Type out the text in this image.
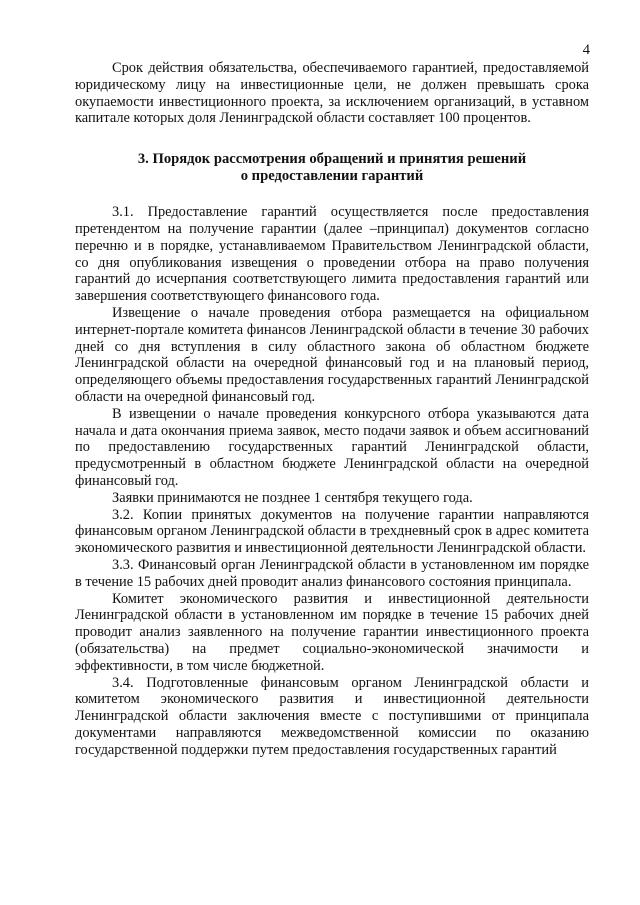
4

Срок действия обязательства, обеспечиваемого гарантией, предоставляемой юридическому лицу на инвестиционные цели, не должен превышать срока окупаемости инвестиционного проекта, за исключением организаций, в уставном капитале которых доля Ленинградской области составляет 100 процентов.

3. Порядок рассмотрения обращений и принятия решений

о предоставлении гарантий

3.1. Предоставление гарантий осуществляется после предоставления претендентом на получение гарантии (далее –принципал) документов согласно перечню и в порядке, устанавливаемом Правительством Ленинградской области, со дня опубликования извещения о проведении отбора на право получения гарантий до исчерпания соответствующего лимита предоставления гарантий или завершения соответствующего финансового года.

Извещение о начале проведения отбора размещается на официальном интернет-портале комитета финансов Ленинградской области в течение 30 рабочих дней со дня вступления в силу областного закона об областном бюджете Ленинградской области на очередной финансовый год и на плановый период, определяющего объемы предоставления государственных гарантий Ленинградской области на очередной финансовый год.

В извещении о начале проведения конкурсного отбора указываются дата начала и дата окончания приема заявок, место подачи заявок и объем ассигнований по предоставлению государственных гарантий Ленинградской области, предусмотренный в областном бюджете Ленинградской области на очередной финансовый год.

Заявки принимаются не позднее 1 сентября текущего года.

3.2. Копии принятых документов на получение гарантии направляются финансовым органом Ленинградской области в трехдневный срок в адрес комитета экономического развития и инвестиционной деятельности Ленинградской области.

3.3. Финансовый орган Ленинградской области в установленном им порядке в течение 15 рабочих дней проводит анализ финансового состояния принципала.

Комитет экономического развития и инвестиционной деятельности Ленинградской области в установленном им порядке в течение 15 рабочих дней проводит анализ заявленного на получение гарантии инвестиционного проекта (обязательства) на предмет социально-экономической значимости и эффективности, в том числе бюджетной.

3.4. Подготовленные финансовым органом Ленинградской области и комитетом экономического развития и инвестиционной деятельности Ленинградской области заключения вместе с поступившими от принципала документами направляются межведомственной комиссии по оказанию государственной поддержки путем предоставления государственных гарантий
